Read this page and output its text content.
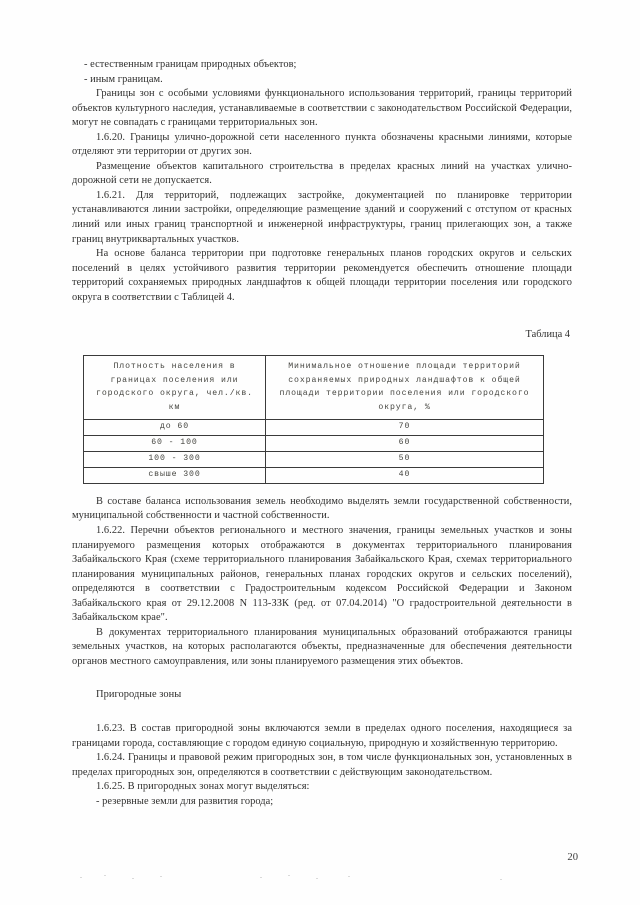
- естественным границам природных объектов;

- иным границам.

Границы зон с особыми условиями функционального использования территорий, границы территорий объектов культурного наследия, устанавливаемые в соответствии с законодательством Российской Федерации, могут не совпадать с границами территориальных зон.

1.6.20. Границы улично-дорожной сети населенного пункта обозначены красными линиями, которые отделяют эти территории от других зон.

Размещение объектов капитального строительства в пределах красных линий на участках улично-дорожной сети не допускается.

1.6.21. Для территорий, подлежащих застройке, документацией по планировке территории устанавливаются линии застройки, определяющие размещение зданий и сооружений с отступом от красных линий или иных границ транспортной и инженерной инфраструктуры, границ прилегающих зон, а также границ внутриквартальных участков.

На основе баланса территории при подготовке генеральных планов городских округов и сельских поселений в целях устойчивого развития территории рекомендуется обеспечить отношение площади территорий сохраняемых природных ландшафтов к общей площади территории поселения или городского округа в соответствии с Таблицей 4.

Таблица 4

Плотность населения в границах поселения или городского округа, чел./кв. км	Минимальное отношение площади территорий сохраняемых природных ландшафтов к общей площади территории поселения или городского округа, %
до 60	70
60 - 100	60
100 - 300	50
свыше 300	40

В составе баланса использования земель необходимо выделять земли государственной собственности, муниципальной собственности и частной собственности.

1.6.22. Перечни объектов регионального и местного значения, границы земельных участков и зоны планируемого размещения которых отображаются в документах территориального планирования Забайкальского Края (схеме территориального планирования Забайкальского Края, схемах территориального планирования муниципальных районов, генеральных планах городских округов и сельских поселений), определяются в соответствии с Градостроительным кодексом Российской Федерации и Законом Забайкальского края от 29.12.2008 N 113-ЗЗК (ред. от 07.04.2014) "О градостроительной деятельности в Забайкальском крае".

В документах территориального планирования муниципальных образований отображаются границы земельных участков, на которых располагаются объекты, предназначенные для обеспечения деятельности органов местного самоуправления, или зоны планируемого размещения этих объектов.

Пригородные зоны

1.6.23. В состав пригородной зоны включаются земли в пределах одного поселения, находящиеся за границами города, составляющие с городом единую социальную, природную и хозяйственную территорию.

1.6.24. Границы и правовой режим пригородных зон, в том числе функциональных зон, установленных в пределах пригородных зон, определяются в соответствии с действующим законодательством.

1.6.25. В пригородных зонах могут выделяться:

- резервные земли для развития города;

20
